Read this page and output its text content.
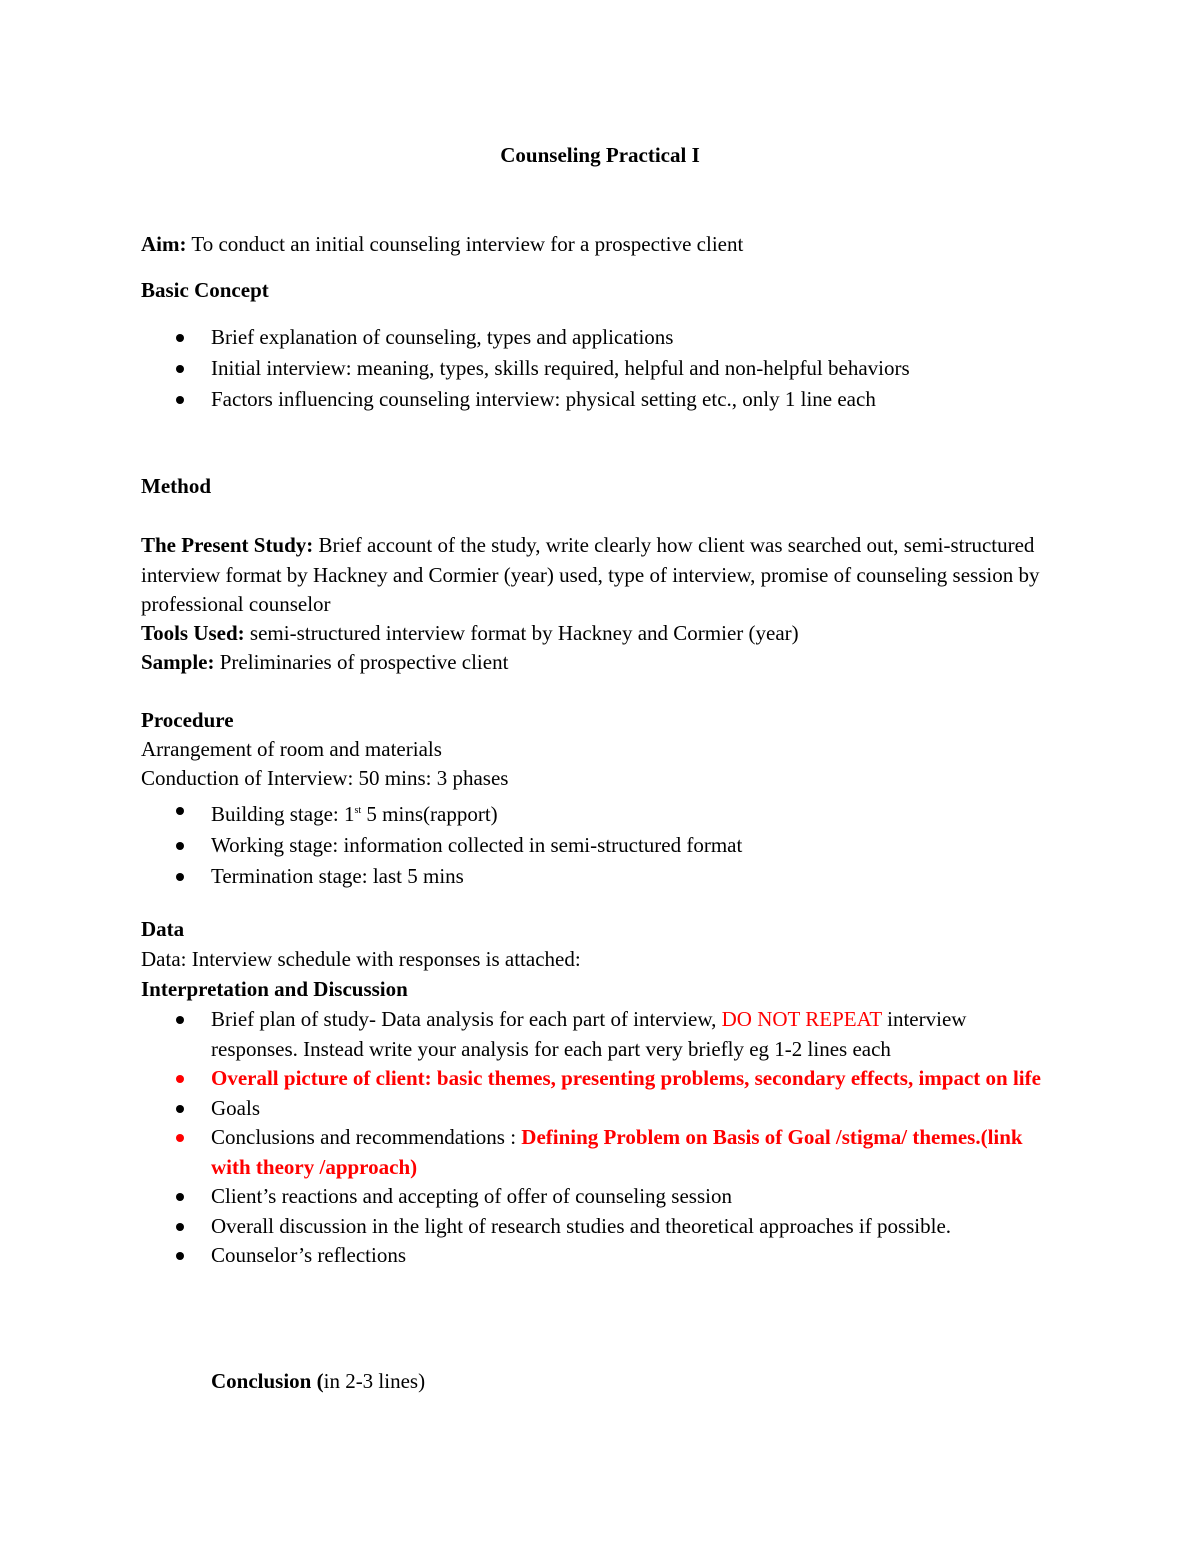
Counseling Practical I
Aim: To conduct an initial counseling interview for a prospective client
Basic Concept
Brief explanation of counseling, types and applications
Initial interview: meaning, types, skills required, helpful and non-helpful behaviors
Factors influencing counseling interview: physical setting etc., only 1 line each
Method
The Present Study: Brief account of the study, write clearly how client was searched out, semi-structured interview format by Hackney and Cormier (year) used, type of interview, promise of counseling session by professional counselor
Tools Used: semi-structured interview format by Hackney and Cormier (year)
Sample: Preliminaries of prospective client
Procedure
Arrangement of room and materials
Conduction of Interview: 50 mins: 3 phases
Building stage: 1st 5 mins(rapport)
Working stage: information collected in semi-structured format
Termination stage: last 5 mins
Data
Data: Interview schedule with responses is attached:
Interpretation and Discussion
Brief plan of study- Data analysis for each part of interview, DO NOT REPEAT interview responses. Instead write your analysis for each part very briefly eg 1-2 lines each
Overall picture of client: basic themes, presenting problems, secondary effects, impact on life
Goals
Conclusions and recommendations : Defining Problem on Basis of Goal /stigma/ themes.(link with theory /approach)
Client’s reactions and accepting of offer of counseling session
Overall discussion in the light of research studies and theoretical approaches if possible.
Counselor’s reflections
Conclusion (in 2-3 lines)
